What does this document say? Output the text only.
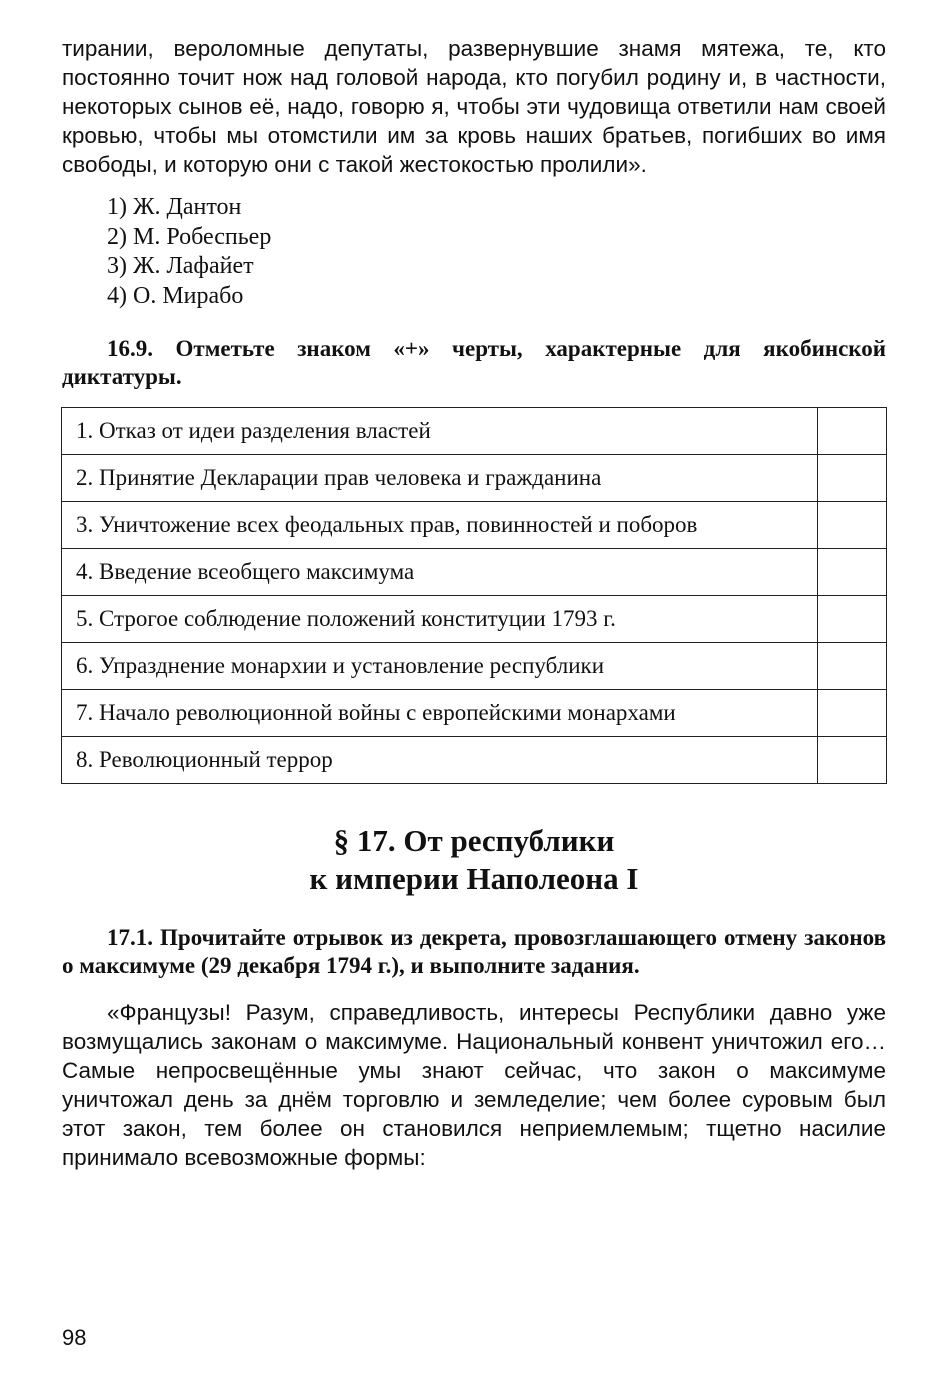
тирании, вероломные депутаты, развернувшие знамя мятежа, те, кто постоянно точит нож над головой народа, кто погубил родину и, в частности, некоторых сынов её, надо, говорю я, чтобы эти чудовища ответили нам своей кровью, чтобы мы отомстили им за кровь наших братьев, погибших во имя свободы, и которую они с такой жестокостью пролили».

1) Ж. Дантон
2) М. Робеспьер
3) Ж. Лафайет
4) О. Мирабо

16.9. Отметьте знаком «+» черты, характерные для якобинской диктатуры.

1. Отказ от идеи разделения властей	
2. Принятие Декларации прав человека и гражданина	
3. Уничтожение всех феодальных прав, повинностей и поборов	
4. Введение всеобщего максимума	
5. Строгое соблюдение положений конституции 1793 г.	
6. Упразднение монархии и установление республики	
7. Начало революционной войны с европейскими монархами	
8. Революционный террор	
§ 17. От республики
к империи Наполеона I

17.1. Прочитайте отрывок из декрета, провозглашающего отмену законов о максимуме (29 декабря 1794 г.), и выполните задания.

«Французы! Разум, справедливость, интересы Республики давно уже возмущались законам о максимуме. Национальный конвент уничтожил его… Самые непросвещённые умы знают сейчас, что закон о максимуме уничтожал день за днём торговлю и земледелие; чем более суровым был этот закон, тем более он становился неприемлемым; тщетно насилие принимало всевозможные формы:

98
